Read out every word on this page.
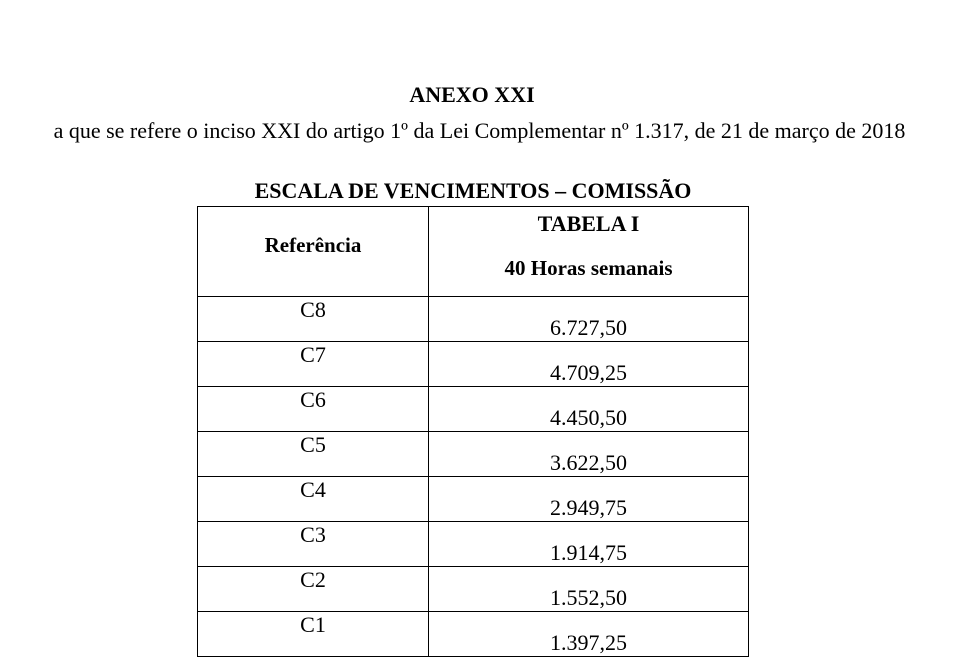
ANEXO XXI
a que se refere o inciso XXI do artigo 1º da Lei Complementar nº 1.317, de 21 de março de 2018
ESCALA DE VENCIMENTOS – COMISSÃO
Referência	TABELA I
40 Horas semanais

C8	6.727,50
C7	4.709,25
C6	4.450,50
C5	3.622,50
C4	2.949,75
C3	1.914,75
C2	1.552,50
C1	1.397,25
